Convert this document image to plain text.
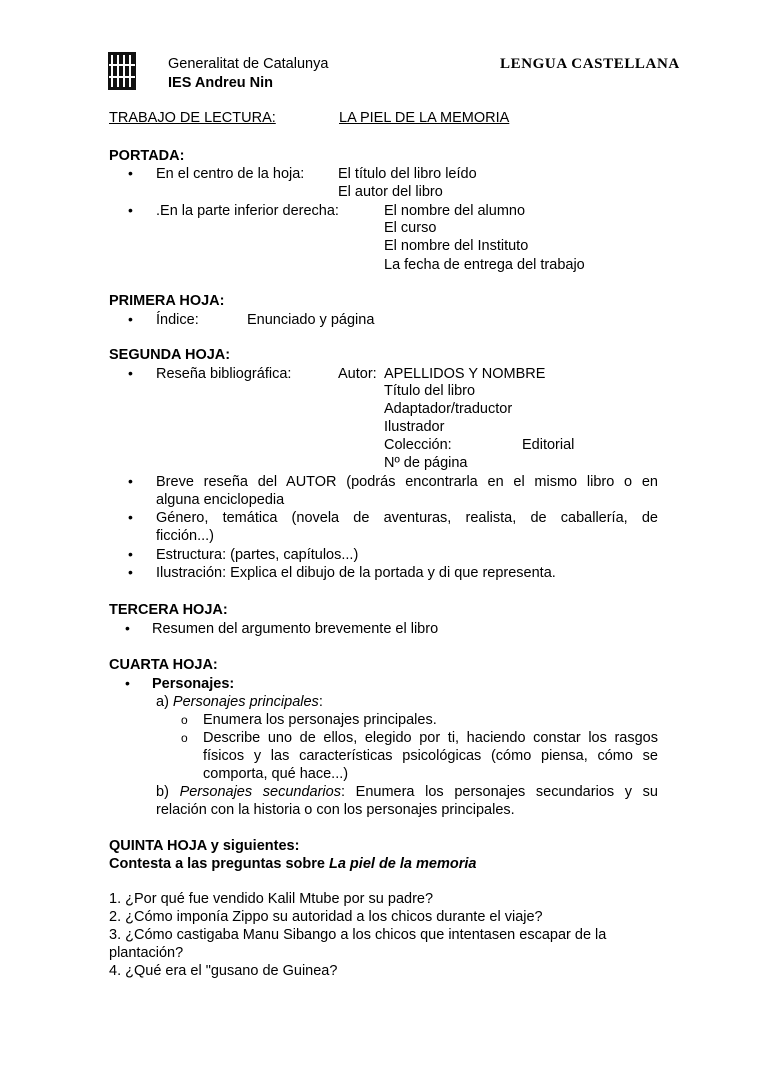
Generalitat de Catalunya
IES Andreu Nin
LENGUA CASTELLANA
TRABAJO DE LECTURA:	LA PIEL DE LA MEMORIA
PORTADA:
• En el centro de la hoja: El título del libro leído
El autor del libro
• .En la parte inferior derecha:	El nombre del alumno
El curso
El nombre del Instituto
La fecha de entrega del trabajo
PRIMERA HOJA:
• Índice:	Enunciado y página
SEGUNDA HOJA:
• Reseña bibliográfica:	Autor: APELLIDOS Y NOMBRE
Título del libro
Adaptador/traductor
Ilustrador
Colección:	Editorial
Nº de página
• Breve reseña del AUTOR (podrás encontrarla en el mismo libro o en
alguna enciclopedia
• Género, temática (novela de aventuras, realista, de caballería, de
ficción...)
• Estructura: (partes, capítulos...)
• Ilustración: Explica el dibujo de la portada y di que representa.
TERCERA HOJA:
• Resumen del argumento brevemente el libro
CUARTA HOJA:
• Personajes:
a) Personajes principales:
o Enumera los personajes principales.
o Describe uno de ellos, elegido por ti, haciendo constar los rasgos
físicos y las características psicológicas (cómo piensa, cómo se
comporta, qué hace...)
b) Personajes secundarios: Enumera los personajes secundarios y su
relación con la historia o con los personajes principales.
QUINTA HOJA y siguientes:
Contesta a las preguntas sobre La piel de la memoria
1. ¿Por qué fue vendido Kalil Mtube por su padre?
2. ¿Cómo imponía Zippo su autoridad a los chicos durante el viaje?
3. ¿Cómo castigaba Manu Sibango a los chicos que intentasen escapar de la
plantación?
4. ¿Qué era el "gusano de Guinea?
